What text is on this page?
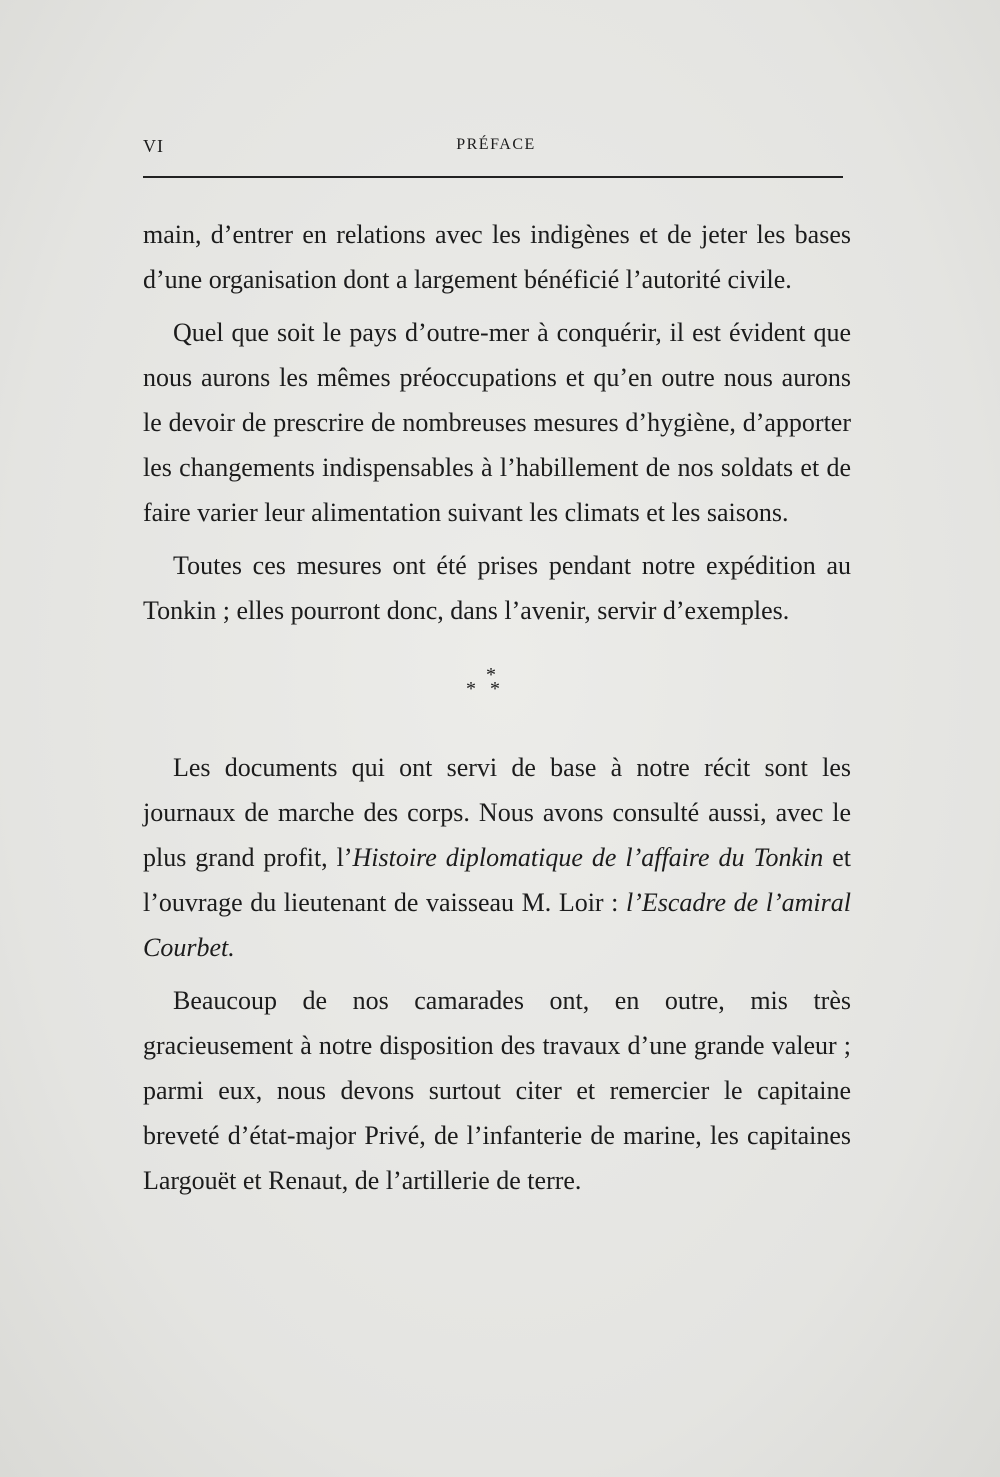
VI	PRÉFACE

main, d’entrer en relations avec les indigènes et de jeter les bases d’une organisation dont a largement bénéficié l’autorité civile.

Quel que soit le pays d’outre-mer à conquérir, il est évident que nous aurons les mêmes préoccupations et qu’en outre nous aurons le devoir de prescrire de nombreuses mesures d’hygiène, d’apporter les changements indispensables à l’habillement de nos soldats et de faire varier leur alimentation suivant les climats et les saisons.

Toutes ces mesures ont été prises pendant notre expédition au Tonkin ; elles pourront donc, dans l’avenir, servir d’exemples.

*
* *

Les documents qui ont servi de base à notre récit sont les journaux de marche des corps. Nous avons consulté aussi, avec le plus grand profit, l’Histoire diplomatique de l’affaire du Tonkin et l’ouvrage du lieutenant de vaisseau M. Loir : l’Escadre de l’amiral Courbet.

Beaucoup de nos camarades ont, en outre, mis très gracieusement à notre disposition des travaux d’une grande valeur ; parmi eux, nous devons surtout citer et remercier le capitaine breveté d’état-major Privé, de l’infanterie de marine, les capitaines Largouët et Renaut, de l’artillerie de terre.
